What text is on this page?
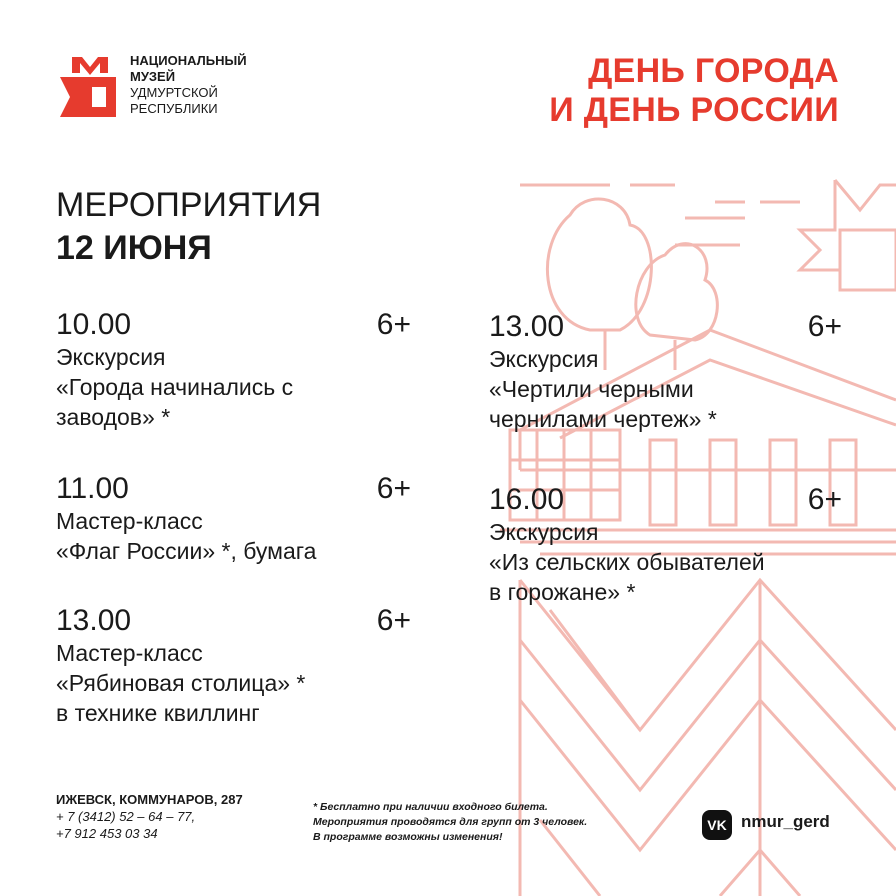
НАЦИОНАЛЬНЫЙ
МУЗЕЙ
УДМУРТСКОЙ
РЕСПУБЛИКИ
ДЕНЬ ГОРОДА
И ДЕНЬ РОССИИ
МЕРОПРИЯТИЯ
12 ИЮНЯ
10.00	6+
Экскурсия
«Города начинались с
заводов» *
11.00	6+
Мастер-класс
«Флаг России» *, бумага
13.00	6+
Мастер-класс
«Рябиновая столица» *
в технике квиллинг
13.00	6+
Экскурсия
«Чертили черными
чернилами чертеж» *
16.00	6+
Экскурсия
«Из сельских обывателей
в горожане» *
ИЖЕВСК, КОММУНАРОВ, 287
+ 7 (3412) 52 – 64 – 77,
+7 912 453 03 34
* Бесплатно при наличии входного билета.
Мероприятия проводятся для групп от 3 человек.
В программе возможны изменения!
VK nmur_gerd
